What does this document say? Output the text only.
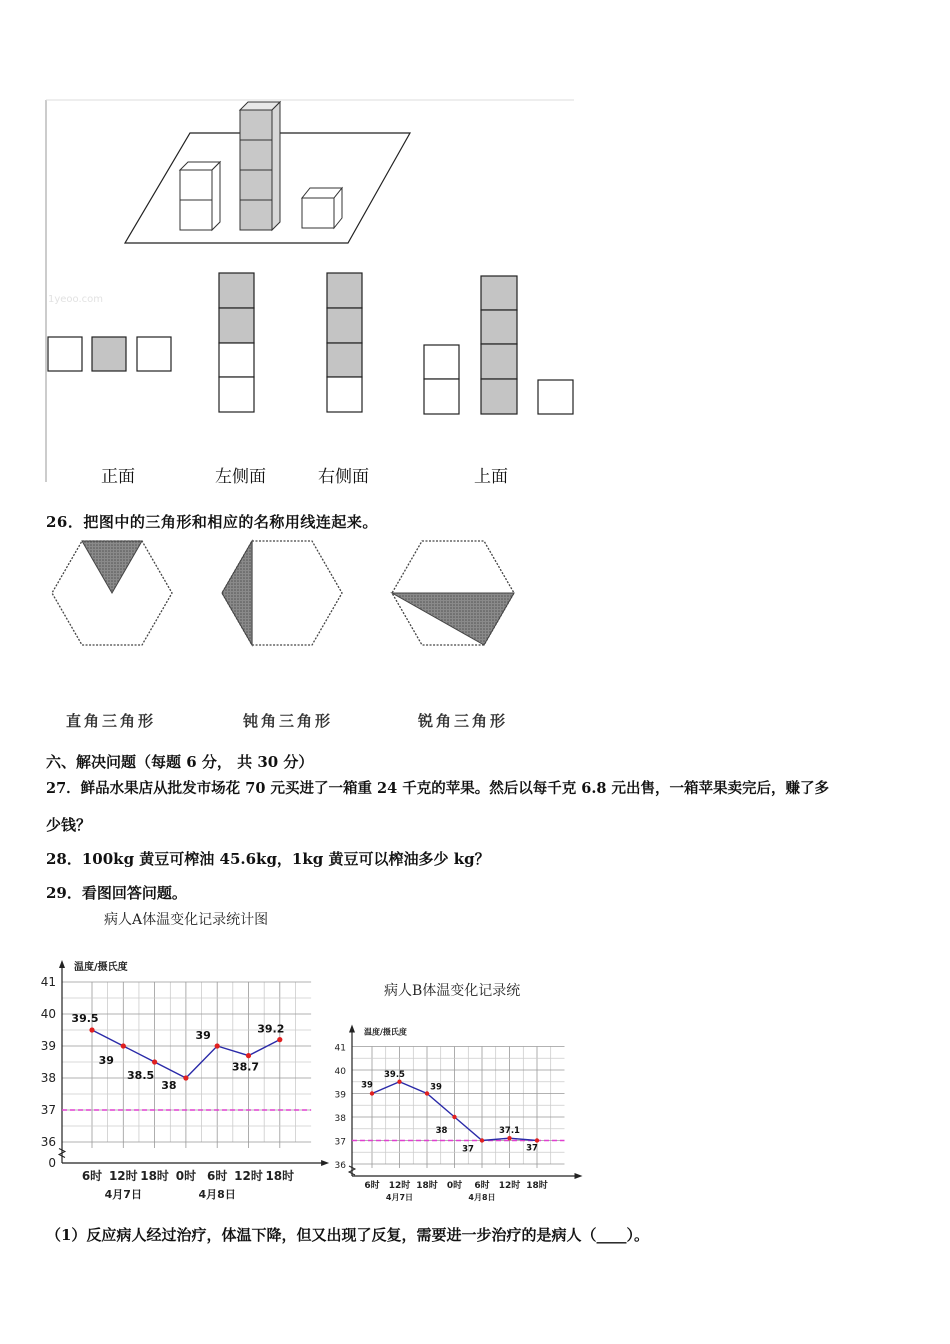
1yeoo.com
正面	左侧面	右侧面	上面
26．把图中的三角形和相应的名称用线连起来。
直角三角形	钝角三角形	锐角三角形
六、解决问题（每题 6 分， 共 30 分）
27．鲜品水果店从批发市场花 70 元买进了一箱重 24 千克的苹果。然后以每千克 6.8 元出售，一箱苹果卖完后，赚了多
少钱？
28．100kg 黄豆可榨油 45.6kg，1kg 黄豆可以榨油多少 kg？
29．看图回答问题。
病人A体温变化记录统计图
温度/摄氏度
41
40
39
38
37
36
0
39.5
39
38.5
38
39
38.7
39.2
6时 12时 18时 0时 6时 12时 18时
4月7日	4月8日
病人B体温变化记录统
温度/摄氏度
41
40
39
38
37
36
39
39.5
39
38
37
37.1
37
6时 12时 18时 0时 6时 12时 18时
4月7日	4月8日
（1）反应病人经过治疗，体温下降，但又出现了反复，需要进一步治疗的是病人（____）。
